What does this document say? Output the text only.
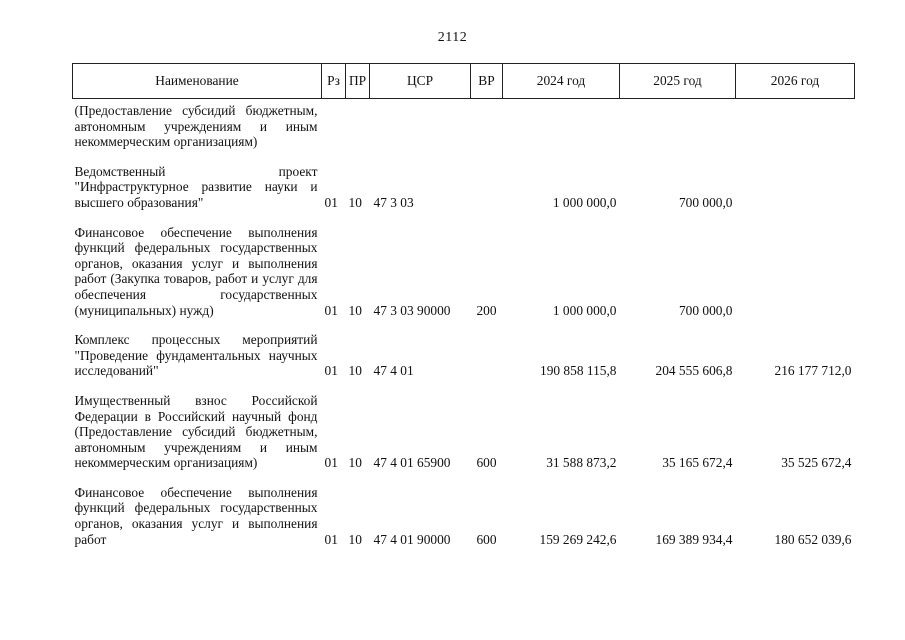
2112
Наименование	Рз	ПР	ЦСР	ВР	2024 год	2025 год	2026 год
(Предоставление субсидий бюджетным, автономным учреждениям и иным некоммерческим организациям)							

Ведомственный проект "Инфраструктурное развитие науки и высшего образования"	01	10	47 3 03		1 000 000,0	700 000,0	

Финансовое обеспечение выполнения функций федеральных государственных органов, оказания услуг и выполнения работ (Закупка товаров, работ и услуг для обеспечения государственных (муниципальных) нужд)	01	10	47 3 03 90000	200	1 000 000,0	700 000,0	

Комплекс процессных мероприятий "Проведение фундаментальных научных исследований"	01	10	47 4 01		190 858 115,8	204 555 606,8	216 177 712,0

Имущественный взнос Российской Федерации в Российский научный фонд (Предоставление субсидий бюджетным, автономным учреждениям и иным некоммерческим организациям)	01	10	47 4 01 65900	600	31 588 873,2	35 165 672,4	35 525 672,4

Финансовое обеспечение выполнения функций федеральных государственных органов, оказания услуг и выполнения работ	01	10	47 4 01 90000	600	159 269 242,6	169 389 934,4	180 652 039,6
